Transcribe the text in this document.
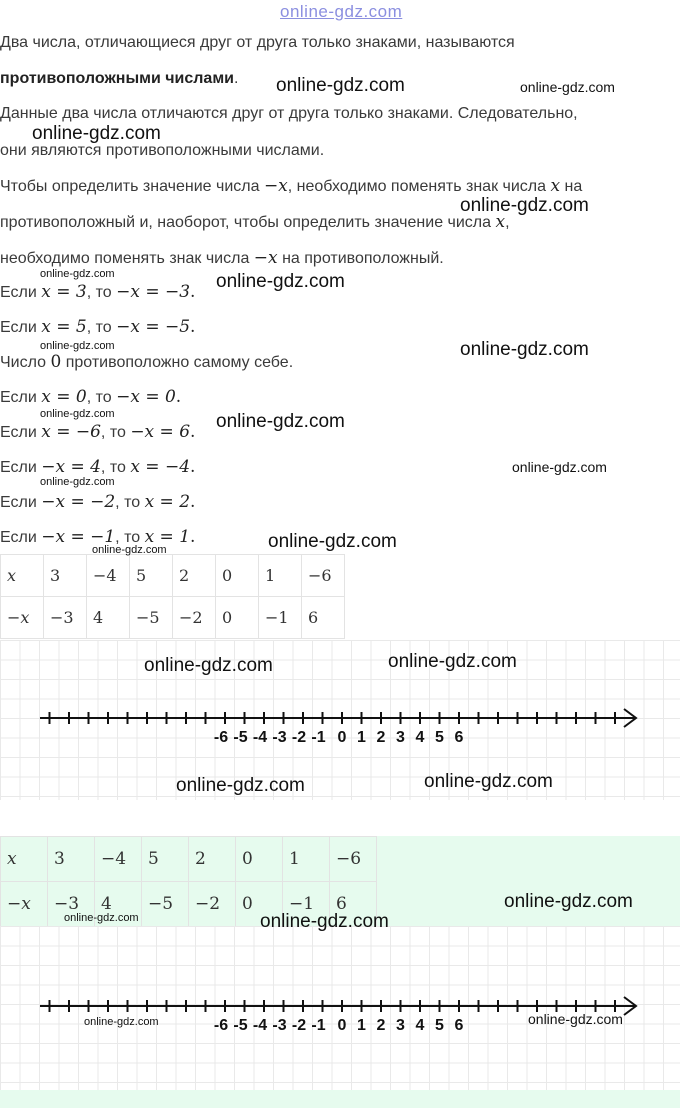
online-gdz.com
Два числа, отличающиеся друг от друга только знаками, называются
противоположными числами.
Данные два числа отличаются друг от друга только знаками. Следовательно,
они являются противоположными числами.
Чтобы определить значение числа −x, необходимо поменять знак числа x на
противоположный и, наоборот, чтобы определить значение числа x,
необходимо поменять знак числа −x на противоположный.
Если x = 3, то −x = −3.
Если x = 5, то −x = −5.
Число 0 противоположно самому себе.
Если x = 0, то −x = 0.
Если x = −6, то −x = 6.
Если −x = 4, то x = −4.
Если −x = −2, то x = 2.
Если −x = −1, то x = 1.
x	3	−4	5	2	0	1	−6
−x	−3	4	−5	−2	0	−1	6
-6 -5 -4 -3 -2 -1 0 1 2 3 4 5 6
x	3	−4	5	2	0	1	−6
−x	−3	4	−5	−2	0	−1	6
-6 -5 -4 -3 -2 -1 0 1 2 3 4 5 6
online-gdz.com	online-gdz.com
online-gdz.com
online-gdz.com
online-gdz.com	online-gdz.com
online-gdz.com	online-gdz.com
online-gdz.com	online-gdz.com
online-gdz.com
online-gdz.com
online-gdz.com
online-gdz.com
online-gdz.com	online-gdz.com
online-gdz.com	online-gdz.com
online-gdz.com
online-gdz.com	online-gdz.com
online-gdz.com	online-gdz.com
